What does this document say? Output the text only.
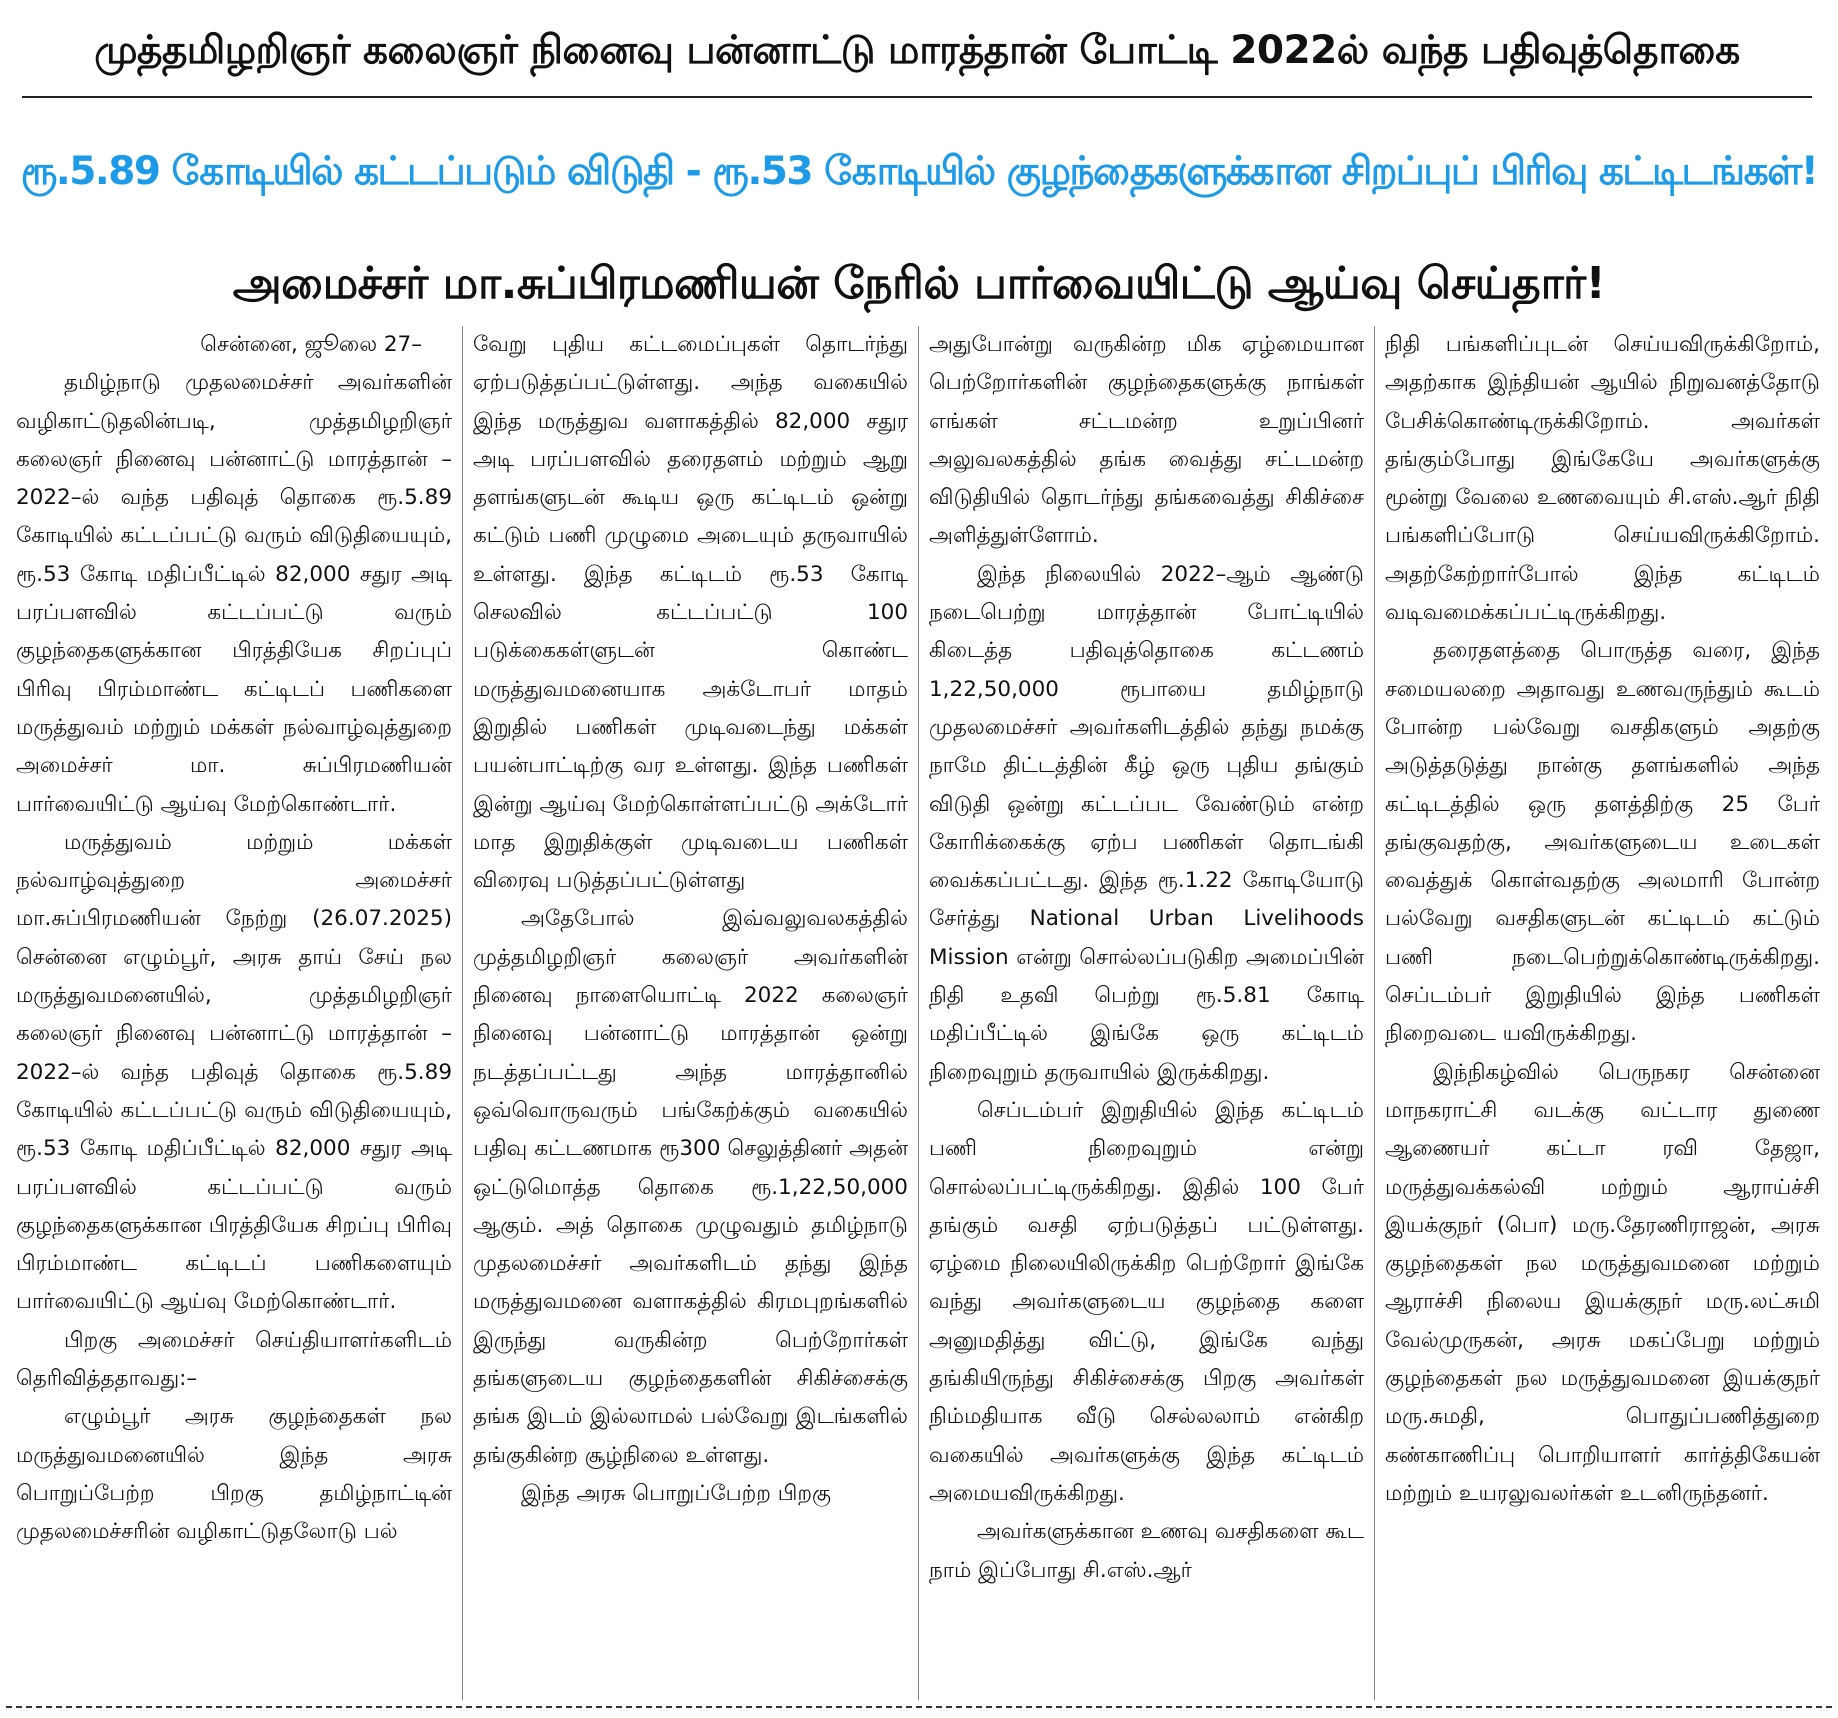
முத்தமிழறிஞர் கலைஞர் நினைவு பன்னாட்டு மாரத்தான் போட்டி 2022ல் வந்த பதிவுத்தொகை
ரூ.5.89 கோடியில் கட்டப்படும் விடுதி - ரூ.53 கோடியில் குழந்தைகளுக்கான சிறப்புப் பிரிவு கட்டிடங்கள்!
அமைச்சர் மா.சுப்பிரமணியன் நேரில் பார்வையிட்டு ஆய்வு செய்தார்!

சென்னை, ஜூலை 27–

தமிழ்நாடு முதலமைச்சர் அவர்களின் வழிகாட்டுதலின்படி, முத்தமிழறிஞர் கலைஞர் நினைவு பன்னாட்டு மாரத்தான் – 2022–ல் வந்த பதிவுத் தொகை ரூ.5.89 கோடியில் கட்டப்பட்டு வரும் விடுதியையும், ரூ.53 கோடி மதிப்பீட்டில் 82,000 சதுர அடி பரப்பளவில் கட்டப்பட்டு வரும் குழந்தைகளுக்கான பிரத்தியேக சிறப்புப் பிரிவு பிரம்மாண்ட கட்டிடப் பணிகளை மருத்துவம் மற்றும் மக்கள் நல்வாழ்வுத்துறை அமைச்சர் மா. சுப்பிரமணியன் பார்வையிட்டு ஆய்வு மேற்கொண்டார்.

மருத்துவம் மற்றும் மக்கள் நல்வாழ்வுத்துறை அமைச்சர் மா.சுப்பிரமணியன் நேற்று (26.07.2025) சென்னை எழும்பூர், அரசு தாய் சேய் நல மருத்துவமனையில், முத்தமிழறிஞர் கலைஞர் நினைவு பன்னாட்டு மாரத்தான் – 2022–ல் வந்த பதிவுத் தொகை ரூ.5.89 கோடியில் கட்டப்பட்டு வரும் விடுதியையும், ரூ.53 கோடி மதிப்பீட்டில் 82,000 சதுர அடி பரப்பளவில் கட்டப்பட்டு வரும் குழந்தைகளுக்கான பிரத்தியேக சிறப்பு பிரிவு பிரம்மாண்ட கட்டிடப் பணிகளையும் பார்வையிட்டு ஆய்வு மேற்கொண்டார்.

பிறகு அமைச்சர் செய்தியாளர்களிடம் தெரிவித்ததாவது:–

எழும்பூர் அரசு குழந்தைகள் நல மருத்துவமனையில் இந்த அரசு பொறுப்பேற்ற பிறகு தமிழ்நாட்டின் முதலமைச்சரின் வழிகாட்டுதலோடு பல்

வேறு புதிய கட்டமைப்புகள் தொடர்ந்து ஏற்படுத்தப்பட்டுள்ளது. அந்த வகையில் இந்த மருத்துவ வளாகத்தில் 82,000 சதுர அடி பரப்பளவில் தரைதளம் மற்றும் ஆறு தளங்களுடன் கூடிய ஒரு கட்டிடம் ஒன்று கட்டும் பணி முழுமை அடையும் தருவாயில் உள்ளது. இந்த கட்டிடம் ரூ.53 கோடி செலவில் கட்டப்பட்டு 100 படுக்கைகள்ளுடன் கொண்ட மருத்துவமனையாக அக்டோபர் மாதம் இறுதில் பணிகள் முடிவடைந்து மக்கள் பயன்பாட்டிற்கு வர உள்ளது. இந்த பணிகள் இன்று ஆய்வு மேற்கொள்ளப்பட்டு அக்டோர் மாத இறுதிக்குள் முடிவடைய பணிகள் விரைவு படுத்தப்பட்டுள்ளது

அதேபோல் இவ்வலுவலகத்தில் முத்தமிழறிஞர் கலைஞர் அவர்களின் நினைவு நாளையொட்டி 2022 கலைஞர் நினைவு பன்னாட்டு மாரத்தான் ஒன்று நடத்தப்பட்டது அந்த மாரத்தானில் ஒவ்வொருவரும் பங்கேற்க்கும் வகையில் பதிவு கட்டணமாக ரூ300 செலுத்தினர் அதன் ஒட்டுமொத்த தொகை ரூ.1,22,50,000 ஆகும். அத் தொகை முழுவதும் தமிழ்நாடு முதலமைச்சர் அவர்களிடம் தந்து இந்த மருத்துவமனை வளாகத்தில் கிரமபுறங்களில் இருந்து வருகின்ற பெற்றோர்கள் தங்களுடைய குழந்தைகளின் சிகிச்சைக்கு தங்க இடம் இல்லாமல் பல்வேறு இடங்களில் தங்குகின்ற சூழ்நிலை உள்ளது.

இந்த அரசு பொறுப்பேற்ற பிறகு

அதுபோன்று வருகின்ற மிக ஏழ்மையான பெற்றோர்களின் குழந்தைகளுக்கு நாங்கள் எங்கள் சட்டமன்ற உறுப்பினர் அலுவலகத்தில் தங்க வைத்து சட்டமன்ற விடுதியில் தொடர்ந்து தங்கவைத்து சிகிச்சை அளித்துள்ளோம்.

இந்த நிலையில் 2022–ஆம் ஆண்டு நடைபெற்று மாரத்தான் போட்டியில் கிடைத்த பதிவுத்தொகை கட்டணம் 1,22,50,000 ரூபாயை தமிழ்நாடு முதலமைச்சர் அவர்களிடத்தில் தந்து நமக்கு நாமே திட்டத்தின் கீழ் ஒரு புதிய தங்கும் விடுதி ஒன்று கட்டப்பட வேண்டும் என்ற கோரிக்கைக்கு ஏற்ப பணிகள் தொடங்கி வைக்கப்பட்டது. இந்த ரூ.1.22 கோடியோடு சேர்த்து National Urban Livelihoods Mission என்று சொல்லப்படுகிற அமைப்பின் நிதி உதவி பெற்று ரூ.5.81 கோடி மதிப்பீட்டில் இங்கே ஒரு கட்டிடம் நிறைவுறும் தருவாயில் இருக்கிறது.

செப்டம்பர் இறுதியில் இந்த கட்டிடம் பணி நிறைவுறும் என்று சொல்லப்பட்டிருக்கிறது. இதில் 100 பேர் தங்கும் வசதி ஏற்படுத்தப் பட்டுள்ளது. ஏழ்மை நிலையிலிருக்கிற பெற்றோர் இங்கே வந்து அவர்களுடைய குழந்தை களை அனுமதித்து விட்டு, இங்கே வந்து தங்கியிருந்து சிகிச்சைக்கு பிறகு அவர்கள் நிம்மதியாக வீடு செல்லலாம் என்கிற வகையில் அவர்களுக்கு இந்த கட்டிடம் அமையவிருக்கிறது.

அவர்களுக்கான உணவு வசதிகளை கூட நாம் இப்போது சி.எஸ்.ஆர்

நிதி பங்களிப்புடன் செய்யவிருக்கிறோம், அதற்காக இந்தியன் ஆயில் நிறுவனத்தோடு பேசிக்கொண்டிருக்கிறோம். அவர்கள் தங்கும்போது இங்கேயே அவர்களுக்கு மூன்று வேலை உணவையும் சி.எஸ்.ஆர் நிதி பங்களிப்போடு செய்யவிருக்கிறோம். அதற்கேற்றார்போல் இந்த கட்டிடம் வடிவமைக்கப்பட்டிருக்கிறது.

தரைதளத்தை பொருத்த வரை, இந்த சமையலறை அதாவது உணவருந்தும் கூடம் போன்ற பல்வேறு வசதிகளும் அதற்கு அடுத்தடுத்து நான்கு தளங்களில் அந்த கட்டிடத்தில் ஒரு தளத்திற்கு 25 பேர் தங்குவதற்கு, அவர்களுடைய உடைகள் வைத்துக் கொள்வதற்கு அலமாரி போன்ற பல்வேறு வசதிகளுடன் கட்டிடம் கட்டும் பணி நடைபெற்றுக்கொண்டிருக்கிறது. செப்டம்பர் இறுதியில் இந்த பணிகள் நிறைவடை யவிருக்கிறது.

இந்நிகழ்வில் பெருநகர சென்னை மாநகராட்சி வடக்கு வட்டார துணை ஆணையர் கட்டா ரவி தேஜா, மருத்துவக்கல்வி மற்றும் ஆராய்ச்சி இயக்குநர் (பொ) மரு.தேரணிராஜன், அரசு குழந்தைகள் நல மருத்துவமனை மற்றும் ஆராச்சி நிலைய இயக்குநர் மரு.லட்சுமி வேல்முருகன், அரசு மகப்பேறு மற்றும் குழந்தைகள் நல மருத்துவமனை இயக்குநர் மரு.சுமதி, பொதுப்பணித்துறை கண்காணிப்பு பொறியாளர் கார்த்திகேயன் மற்றும் உயரலுவலர்கள் உடனிருந்தனர்.
